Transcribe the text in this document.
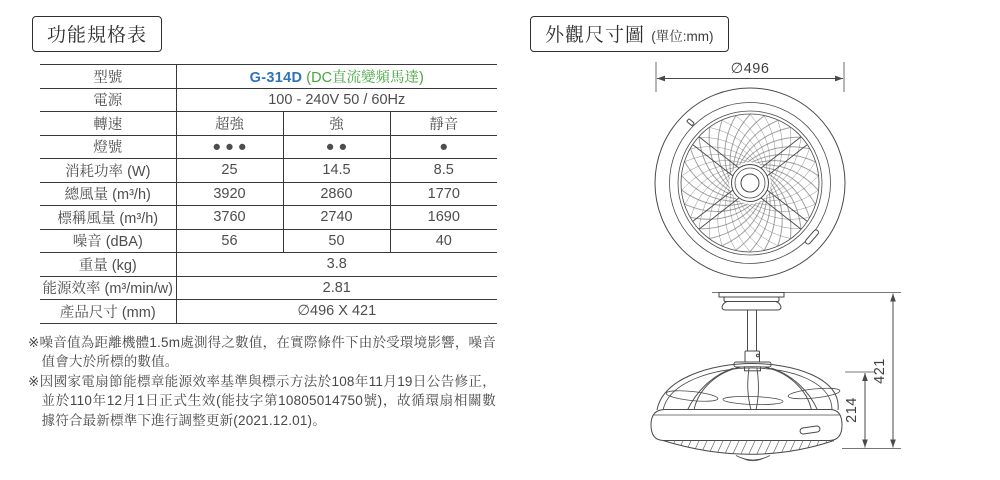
功能規格表
型號	G-314D (DC直流變頻馬達)		
電源	100 - 240V 50 / 60Hz		
轉速	超強	強	靜音
燈號	●●●	●●	●
消耗功率 (W)	25	14.5	8.5
總風量 (m³/h)	3920	2860	1770
標稱風量 (m³/h)	3760	2740	1690
噪音 (dBA)	56	50	40
重量 (kg)	3.8		
能源效率 (m³/min/w)	2.81		
產品尺寸 (mm)	∅496 X 421		

※噪音值為距離機體1.5m處測得之數值，在實際條件下由於受環境影響，噪音值會大於所標的數值。

※因國家電扇節能標章能源效率基準與標示方法於108年11月19日公告修正，並於110年12月1日正式生效(能技字第10805014750號)，故循環扇相關數據符合最新標準下進行調整更新(2021.12.01)。

外觀尺寸圖 (單位:mm)
∅496
214
421
